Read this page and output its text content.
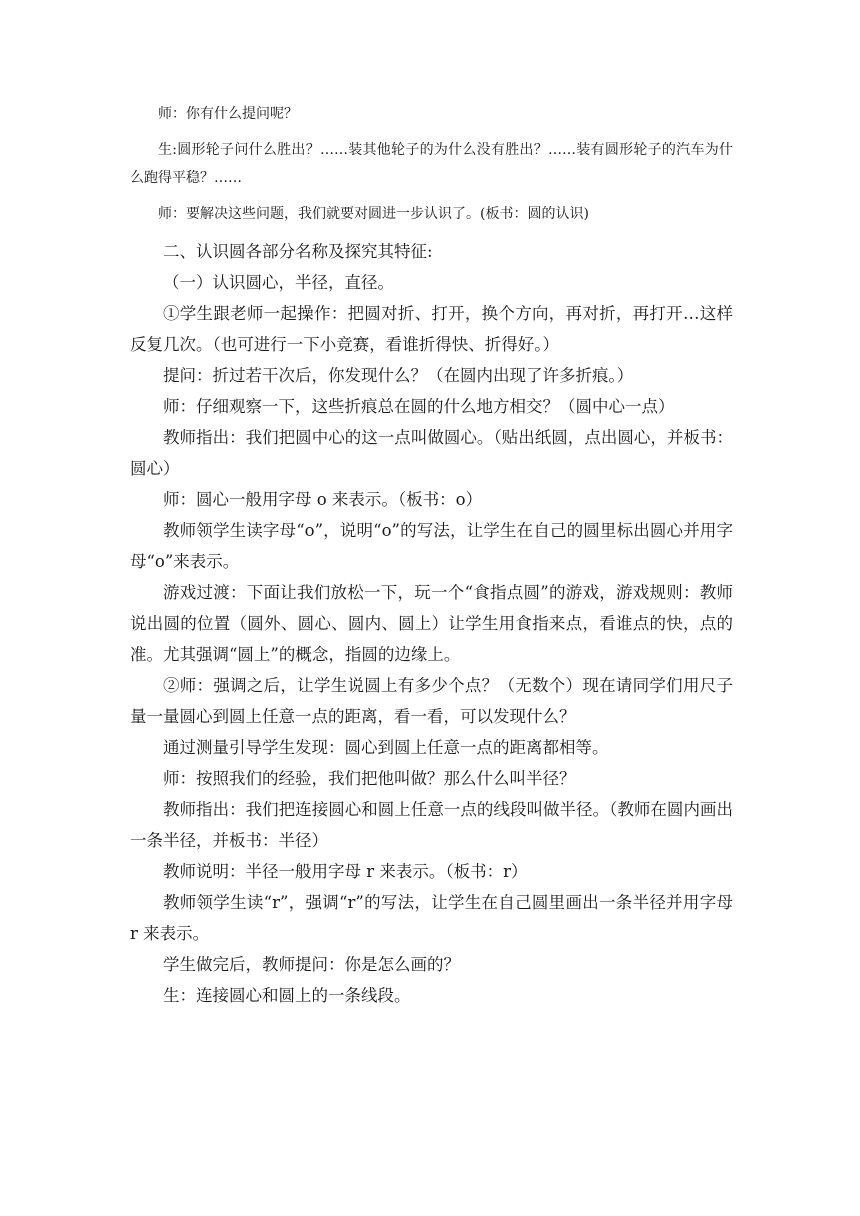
师：你有什么提问呢？

生:圆形轮子问什么胜出？……装其他轮子的为什么没有胜出？……装有圆形轮子的汽车为什么跑得平稳？……

师：要解决这些问题，我们就要对圆进一步认识了。(板书：圆的认识)

二、认识圆各部分名称及探究其特征:

（一）认识圆心，半径，直径。

①学生跟老师一起操作：把圆对折、打开，换个方向，再对折，再打开…这样反复几次。（也可进行一下小竞赛，看谁折得快、折得好。）

提问：折过若干次后，你发现什么？（在圆内出现了许多折痕。）

师：仔细观察一下，这些折痕总在圆的什么地方相交？（圆中心一点）

教师指出：我们把圆中心的这一点叫做圆心。（贴出纸圆，点出圆心，并板书：圆心）

师：圆心一般用字母 o 来表示。（板书：o）

教师领学生读字母“o”，说明“o”的写法，让学生在自己的圆里标出圆心并用字母“o”来表示。

游戏过渡：下面让我们放松一下，玩一个“食指点圆”的游戏，游戏规则：教师说出圆的位置（圆外、圆心、圆内、圆上）让学生用食指来点，看谁点的快，点的准。尤其强调“圆上”的概念，指圆的边缘上。

②师：强调之后，让学生说圆上有多少个点？（无数个）现在请同学们用尺子量一量圆心到圆上任意一点的距离，看一看，可以发现什么？

通过测量引导学生发现：圆心到圆上任意一点的距离都相等。

师：按照我们的经验，我们把他叫做？那么什么叫半径？

教师指出：我们把连接圆心和圆上任意一点的线段叫做半径。（教师在圆内画出一条半径，并板书：半径）

教师说明：半径一般用字母 r 来表示。（板书：r）

教师领学生读“r”，强调“r”的写法，让学生在自己圆里画出一条半径并用字母 r 来表示。

学生做完后，教师提问：你是怎么画的？

生：连接圆心和圆上的一条线段。
